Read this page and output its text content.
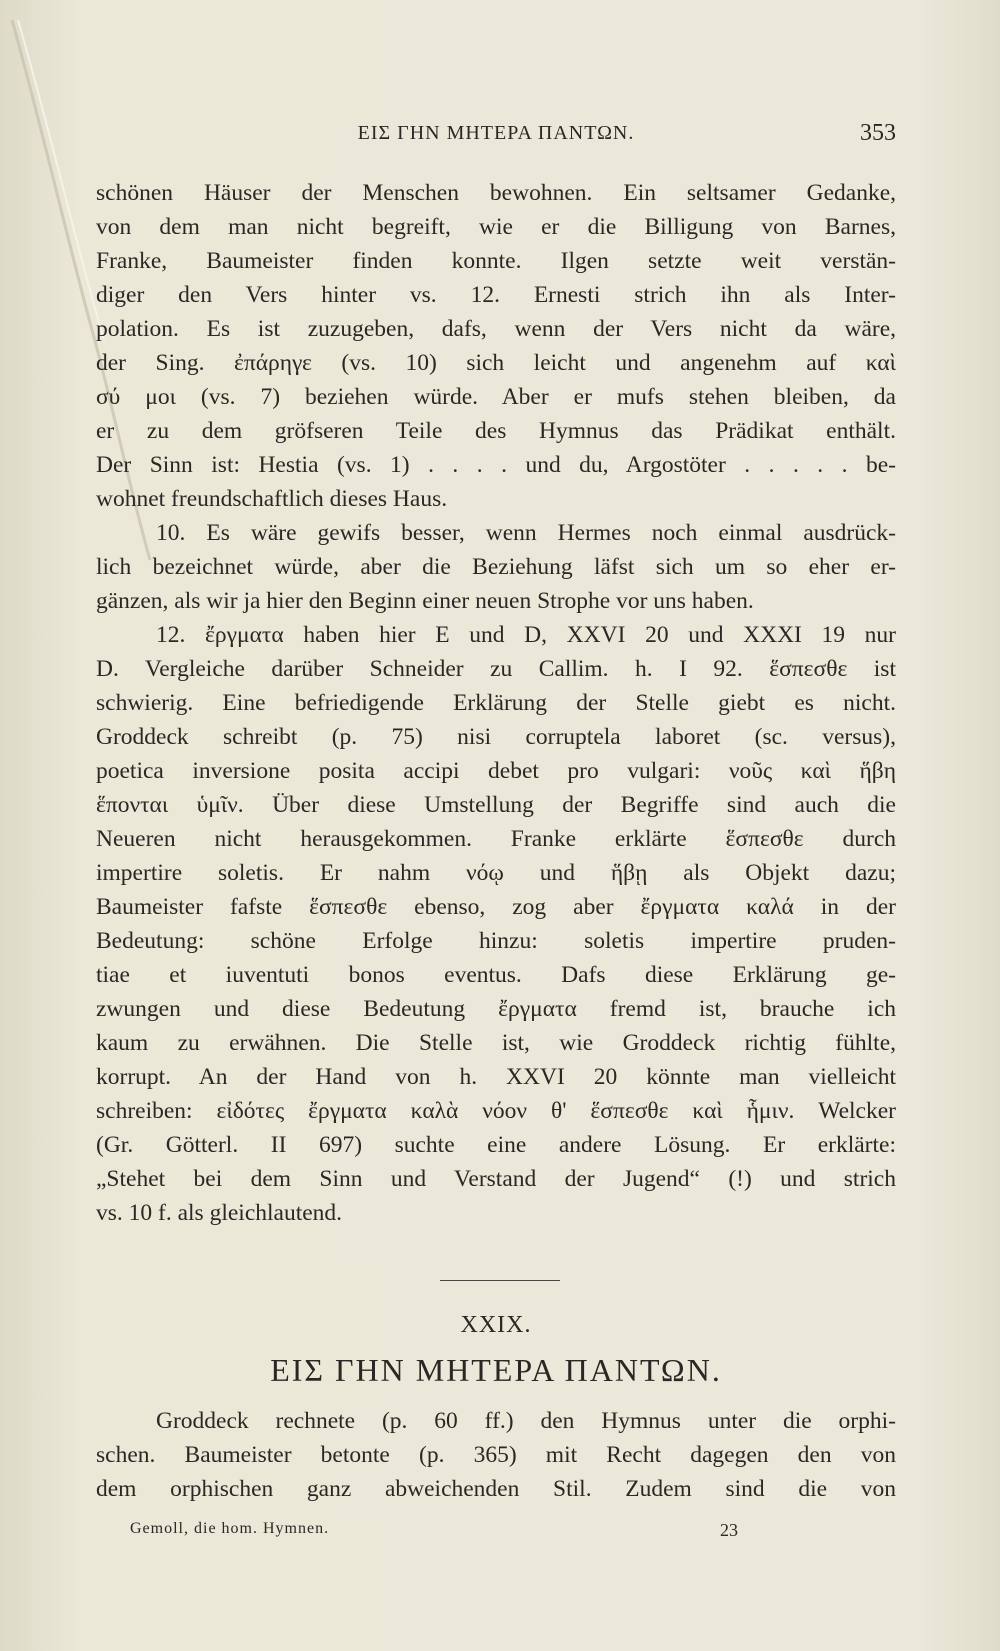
ΕΙΣ ΓΗΝ ΜΗΤΕΡΑ ΠΑΝΤΩΝ.	353
schönen Häuser der Menschen bewohnen. Ein seltsamer Gedanke,
von dem man nicht begreift, wie er die Billigung von Barnes,
Franke, Baumeister finden konnte. Ilgen setzte weit verstän-
diger den Vers hinter vs. 12. Ernesti strich ihn als Inter-
polation. Es ist zuzugeben, dafs, wenn der Vers nicht da wäre,
der Sing. ἐπάρηγε (vs. 10) sich leicht und angenehm auf καὶ
σύ μοι (vs. 7) beziehen würde. Aber er mufs stehen bleiben, da
er zu dem gröfseren Teile des Hymnus das Prädikat enthält.
Der Sinn ist: Hestia (vs. 1) . . . . und du, Argostöter . . . . . be-
wohnet freundschaftlich dieses Haus.
10. Es wäre gewifs besser, wenn Hermes noch einmal ausdrück-
lich bezeichnet würde, aber die Beziehung läfst sich um so eher er-
gänzen, als wir ja hier den Beginn einer neuen Strophe vor uns haben.
12. ἔργματα haben hier E und D, XXVI 20 und XXXI 19 nur
D. Vergleiche darüber Schneider zu Callim. h. I 92. ἕσπεσθε ist
schwierig. Eine befriedigende Erklärung der Stelle giebt es nicht.
Groddeck schreibt (p. 75) nisi corruptela laboret (sc. versus),
poetica inversione posita accipi debet pro vulgari: νοῦς καὶ ἥβη
ἕπονται ὑμῖν. Über diese Umstellung der Begriffe sind auch die
Neueren nicht herausgekommen. Franke erklärte ἕσπεσθε durch
impertire soletis. Er nahm νόῳ und ἥβῃ als Objekt dazu;
Baumeister fafste ἕσπεσθε ebenso, zog aber ἔργματα καλά in der
Bedeutung: schöne Erfolge hinzu: soletis impertire pruden-
tiae et iuventuti bonos eventus. Dafs diese Erklärung ge-
zwungen und diese Bedeutung ἔργματα fremd ist, brauche ich
kaum zu erwähnen. Die Stelle ist, wie Groddeck richtig fühlte,
korrupt. An der Hand von h. XXVI 20 könnte man vielleicht
schreiben: εἰδότες ἔργματα καλὰ νόον θ' ἕσπεσθε καὶ ἧμιν. Welcker
(Gr. Götterl. II 697) suchte eine andere Lösung. Er erklärte:
„Stehet bei dem Sinn und Verstand der Jugend“ (!) und strich
vs. 10 f. als gleichlautend.
XXIX.
ΕΙΣ ΓΗΝ ΜΗΤΕΡΑ ΠΑΝΤΩΝ.
Groddeck rechnete (p. 60 ff.) den Hymnus unter die orphi-
schen. Baumeister betonte (p. 365) mit Recht dagegen den von
dem orphischen ganz abweichenden Stil. Zudem sind die von
Gemoll, die hom. Hymnen.	23
